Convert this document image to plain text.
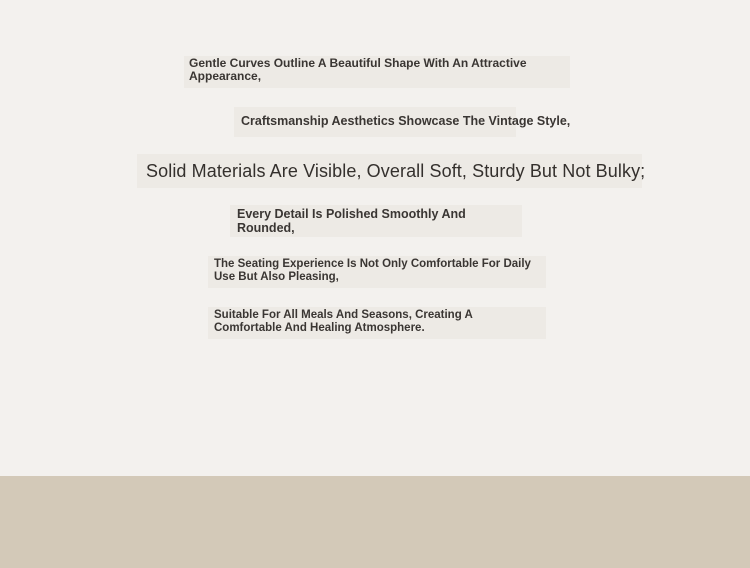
Gentle Curves Outline A Beautiful Shape With An Attractive Appearance,

Craftsmanship Aesthetics Showcase The Vintage Style,

Solid Materials Are Visible, Overall Soft, Sturdy But Not Bulky;

Every Detail Is Polished Smoothly And Rounded,

The Seating Experience Is Not Only Comfortable For Daily Use But Also Pleasing,

Suitable For All Meals And Seasons, Creating A Comfortable And Healing Atmosphere.
